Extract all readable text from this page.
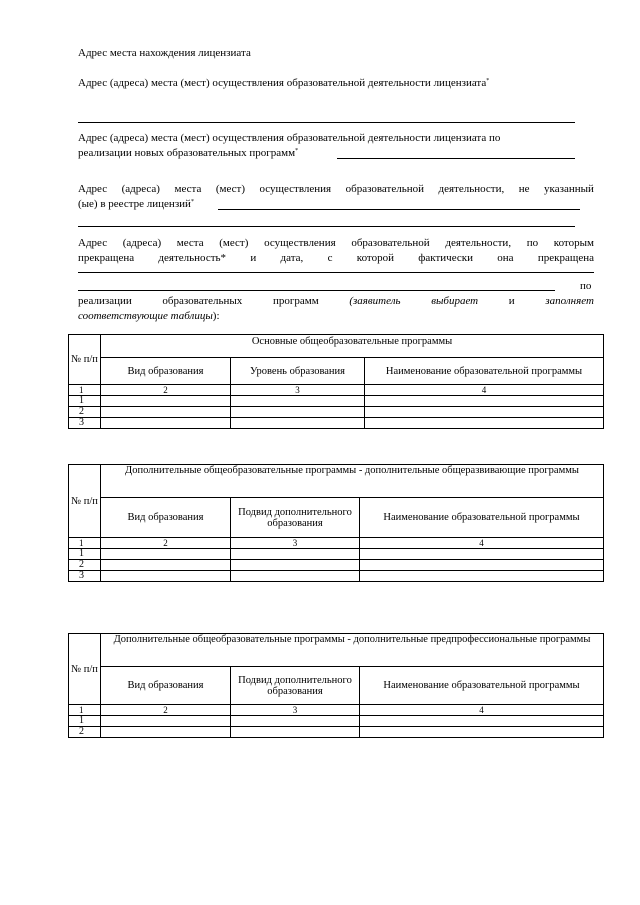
Адрес места нахождения лицензиата
Адрес (адреса) места (мест) осуществления образовательной деятельности лицензиата*
Адрес (адреса) места (мест) осуществления образовательной деятельности лицензиата по
реализации новых образовательных программ*
Адрес (адреса) места (мест) осуществления образовательной деятельности, не указанный
(ые) в реестре лицензий*
Адрес (адреса) места (мест) осуществления образовательной деятельности, по которым
прекращена деятельность* и дата, с которой фактически она прекращена
по
реализации	образовательных	программ	(заявитель	выбирает	и	заполняет
соответствующие таблицы):
№ п/п	Основные общеобразовательные программы		
	Вид образования	Уровень образования	Наименование образовательной программы
1	2	3	4
1			
2			
3			
№ п/п	Дополнительные общеобразовательные программы - дополнительные общеразвивающие программы		
	Вид образования	Подвид дополнительного образования	Наименование образовательной программы
1	2	3	4
1			
2			
3			
№ п/п	Дополнительные общеобразовательные программы - дополнительные предпрофессиональные программы		
	Вид образования	Подвид дополнительного образования	Наименование образовательной программы
1	2	3	4
1			
2			
